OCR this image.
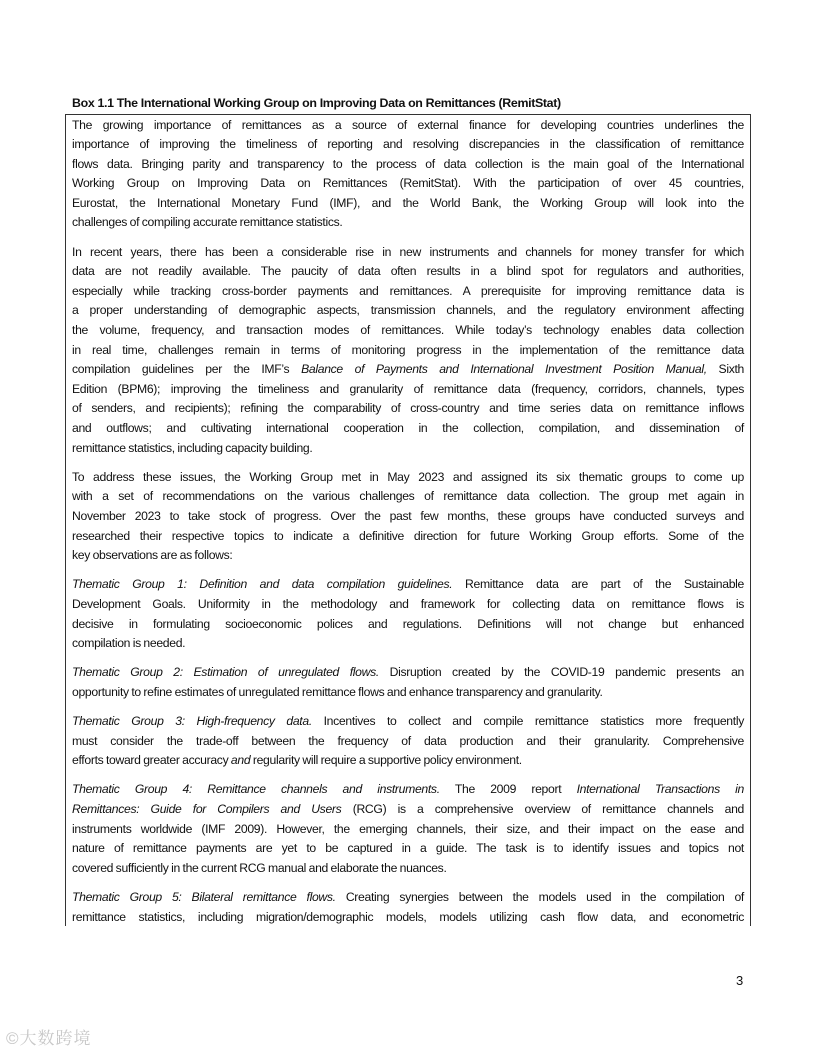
Box 1.1 The International Working Group on Improving Data on Remittances (RemitStat)
The growing importance of remittances as a source of external finance for developing countries underlines the
importance of improving the timeliness of reporting and resolving discrepancies in the classification of remittance
flows data. Bringing parity and transparency to the process of data collection is the main goal of the International
Working Group on Improving Data on Remittances (RemitStat). With the participation of over 45 countries,
Eurostat, the International Monetary Fund (IMF), and the World Bank, the Working Group will look into the
challenges of compiling accurate remittance statistics.
In recent years, there has been a considerable rise in new instruments and channels for money transfer for which
data are not readily available. The paucity of data often results in a blind spot for regulators and authorities,
especially while tracking cross-border payments and remittances. A prerequisite for improving remittance data is
a proper understanding of demographic aspects, transmission channels, and the regulatory environment affecting
the volume, frequency, and transaction modes of remittances. While today’s technology enables data collection
in real time, challenges remain in terms of monitoring progress in the implementation of the remittance data
compilation guidelines per the IMF’s Balance of Payments and International Investment Position Manual, Sixth
Edition (BPM6); improving the timeliness and granularity of remittance data (frequency, corridors, channels, types
of senders, and recipients); refining the comparability of cross-country and time series data on remittance inflows
and outflows; and cultivating international cooperation in the collection, compilation, and dissemination of
remittance statistics, including capacity building.
To address these issues, the Working Group met in May 2023 and assigned its six thematic groups to come up
with a set of recommendations on the various challenges of remittance data collection. The group met again in
November 2023 to take stock of progress. Over the past few months, these groups have conducted surveys and
researched their respective topics to indicate a definitive direction for future Working Group efforts. Some of the
key observations are as follows:
Thematic Group 1: Definition and data compilation guidelines. Remittance data are part of the Sustainable
Development Goals. Uniformity in the methodology and framework for collecting data on remittance flows is
decisive in formulating socioeconomic polices and regulations. Definitions will not change but enhanced
compilation is needed.
Thematic Group 2: Estimation of unregulated flows. Disruption created by the COVID-19 pandemic presents an
opportunity to refine estimates of unregulated remittance flows and enhance transparency and granularity.
Thematic Group 3: High-frequency data. Incentives to collect and compile remittance statistics more frequently
must consider the trade-off between the frequency of data production and their granularity. Comprehensive
efforts toward greater accuracy and regularity will require a supportive policy environment.
Thematic Group 4: Remittance channels and instruments. The 2009 report International Transactions in
Remittances: Guide for Compilers and Users (RCG) is a comprehensive overview of remittance channels and
instruments worldwide (IMF 2009). However, the emerging channels, their size, and their impact on the ease and
nature of remittance payments are yet to be captured in a guide. The task is to identify issues and topics not
covered sufficiently in the current RCG manual and elaborate the nuances.
Thematic Group 5: Bilateral remittance flows. Creating synergies between the models used in the compilation of
remittance statistics, including migration/demographic models, models utilizing cash flow data, and econometric
3
©大数跨境
